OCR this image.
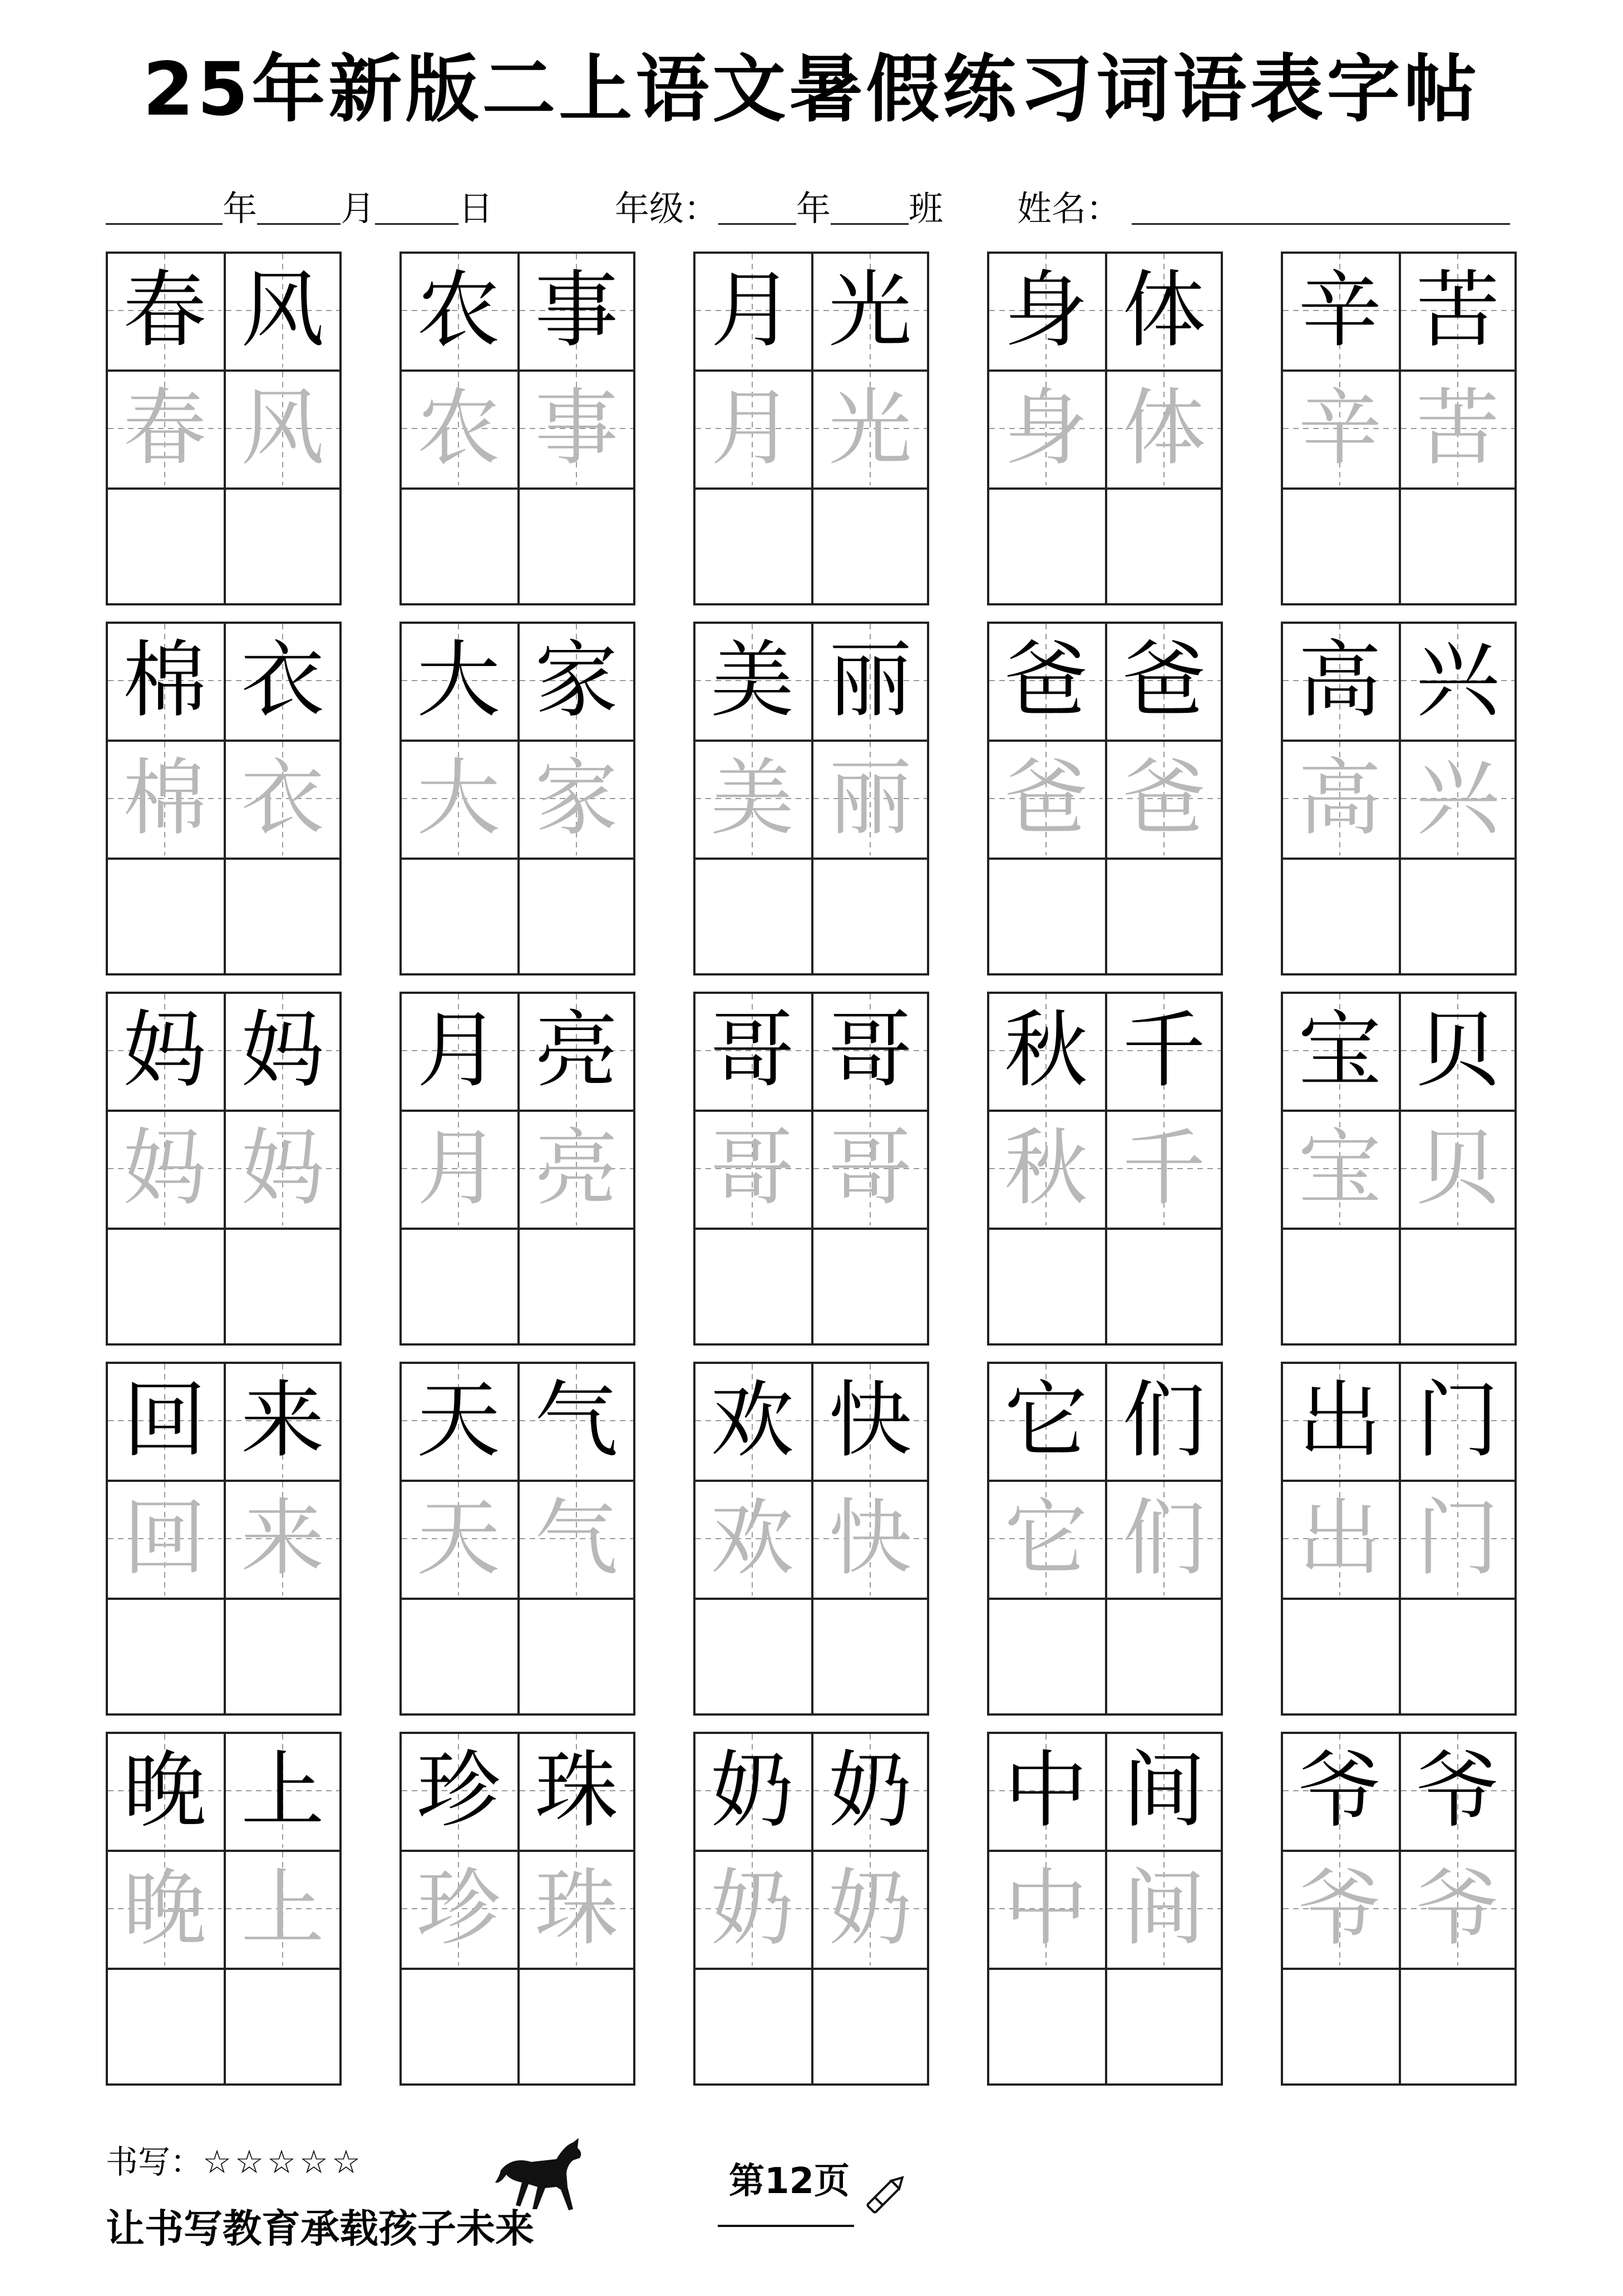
25年新版二上语文暑假练习词语表字帖
年 月 日	年级： 年 班 姓名：
春
春
风
风
农
农
事
事
月
月
光
光
身
身
体
体
辛
辛
苦
苦
棉
棉
衣
衣
大
大
家
家
美
美
丽
丽
爸
爸
爸
爸
高
高
兴
兴
妈
妈
妈
妈
月
月
亮
亮
哥
哥
哥
哥
秋
秋
千
千
宝
宝
贝
贝
回
回
来
来
天
天
气
气
欢
欢
快
快
它
它
们
们
出
出
门
门
晚
晚
上
上
珍
珍
珠
珠
奶
奶
奶
奶
中
中
间
间
爷
爷
爷
爷
书写：☆☆☆☆☆	第12页
让书写教育承载孩子未来
